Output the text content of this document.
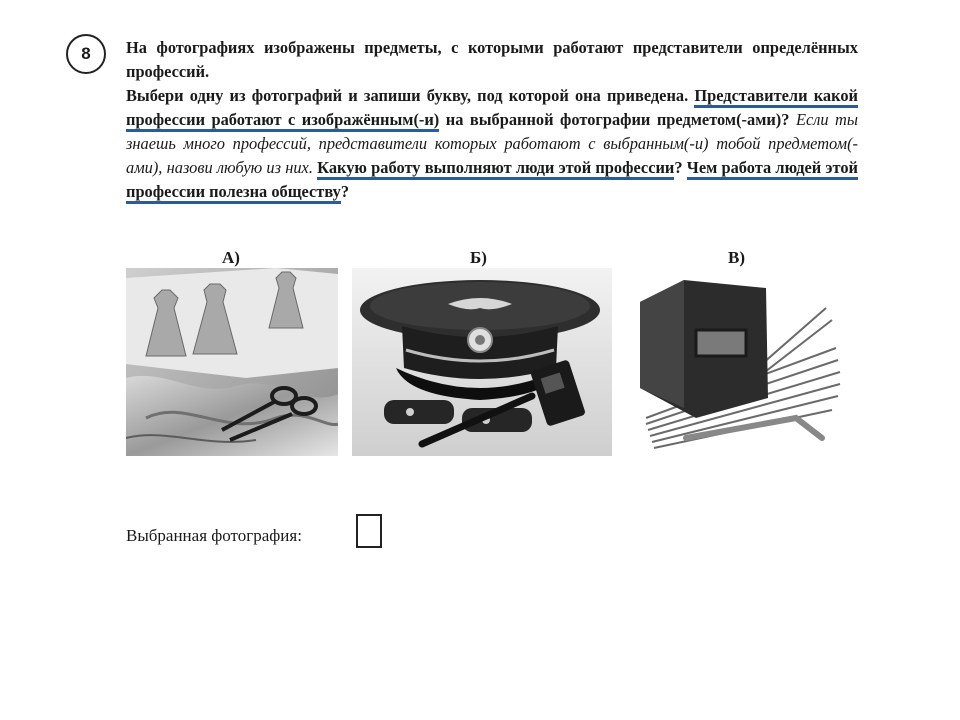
8 На фотографиях изображены предметы, с которыми работают представители определённых профессий.

Выбери одну из фотографий и запиши букву, под которой она приведена. Представители какой профессии работают с изображённым(-и) на выбранной фотографии предметом(-ами)? Если ты знаешь много профессий, представители которых работают с выбранным(-и) тобой предметом(-ами), назови любую из них. Какую работу выполняют люди этой профессии? Чем работа людей этой профессии полезна обществу?

А)	Б)	В)
Выбранная фотография:
